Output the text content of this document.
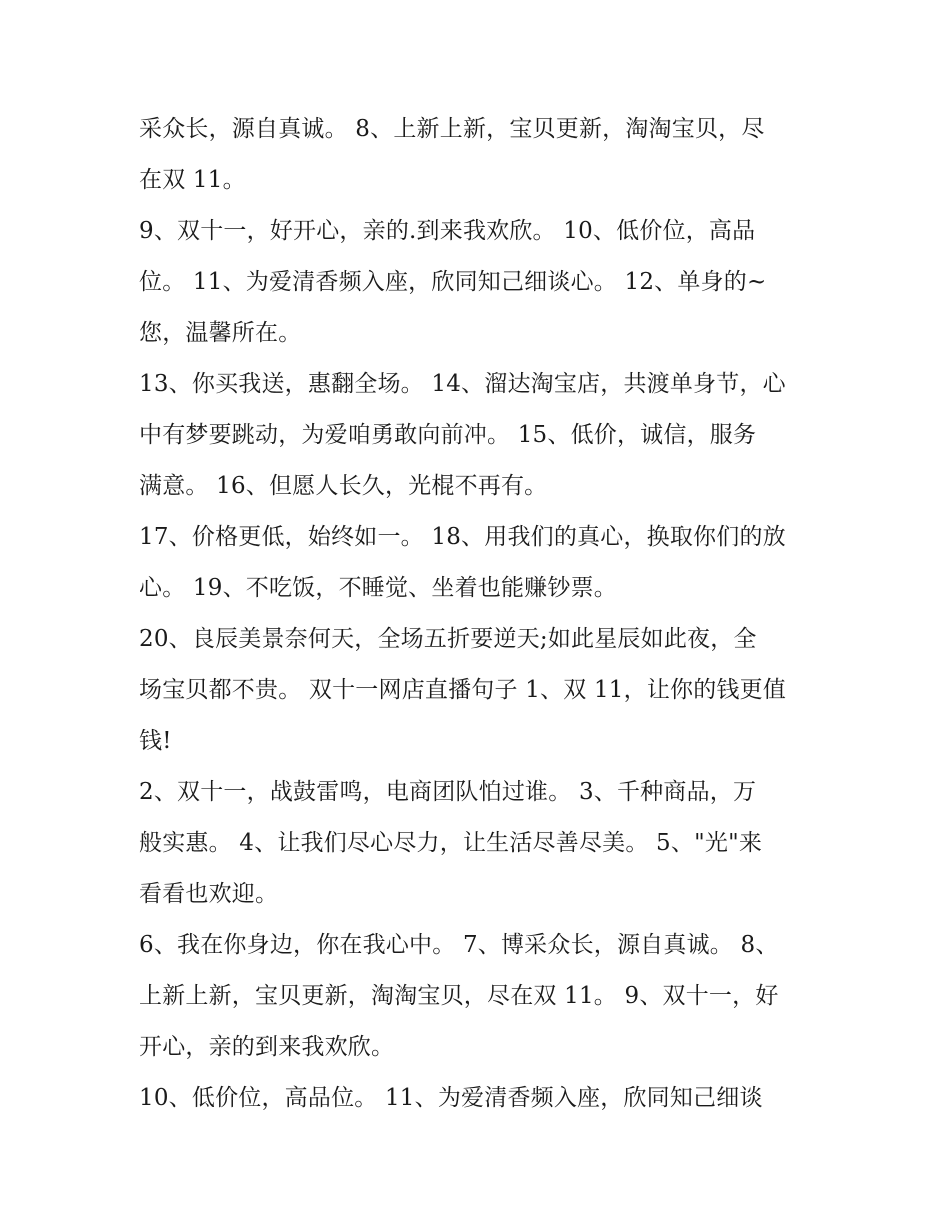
采众长，源自真诚。 8、上新上新，宝贝更新，淘淘宝贝，尽
在双 11。
9、双十一，好开心，亲的.到来我欢欣。 10、低价位，高品
位。 11、为爱清香频入座，欣同知己细谈心。 12、单身的~
您，温馨所在。
13、你买我送，惠翻全场。 14、溜达淘宝店，共渡单身节，心
中有梦要跳动，为爱咱勇敢向前冲。 15、低价，诚信，服务
满意。 16、但愿人长久，光棍不再有。
17、价格更低，始终如一。 18、用我们的真心，换取你们的放
心。 19、不吃饭，不睡觉、坐着也能赚钞票。
20、良辰美景奈何天，全场五折要逆天;如此星辰如此夜，全
场宝贝都不贵。 双十一网店直播句子 1、双 11，让你的钱更值
钱!
2、双十一，战鼓雷鸣，电商团队怕过谁。 3、千种商品，万
般实惠。 4、让我们尽心尽力，让生活尽善尽美。 5、"光"来
看看也欢迎。
6、我在你身边，你在我心中。 7、博采众长，源自真诚。 8、
上新上新，宝贝更新，淘淘宝贝，尽在双 11。 9、双十一，好
开心，亲的到来我欢欣。
10、低价位，高品位。 11、为爱清香频入座，欣同知己细谈
